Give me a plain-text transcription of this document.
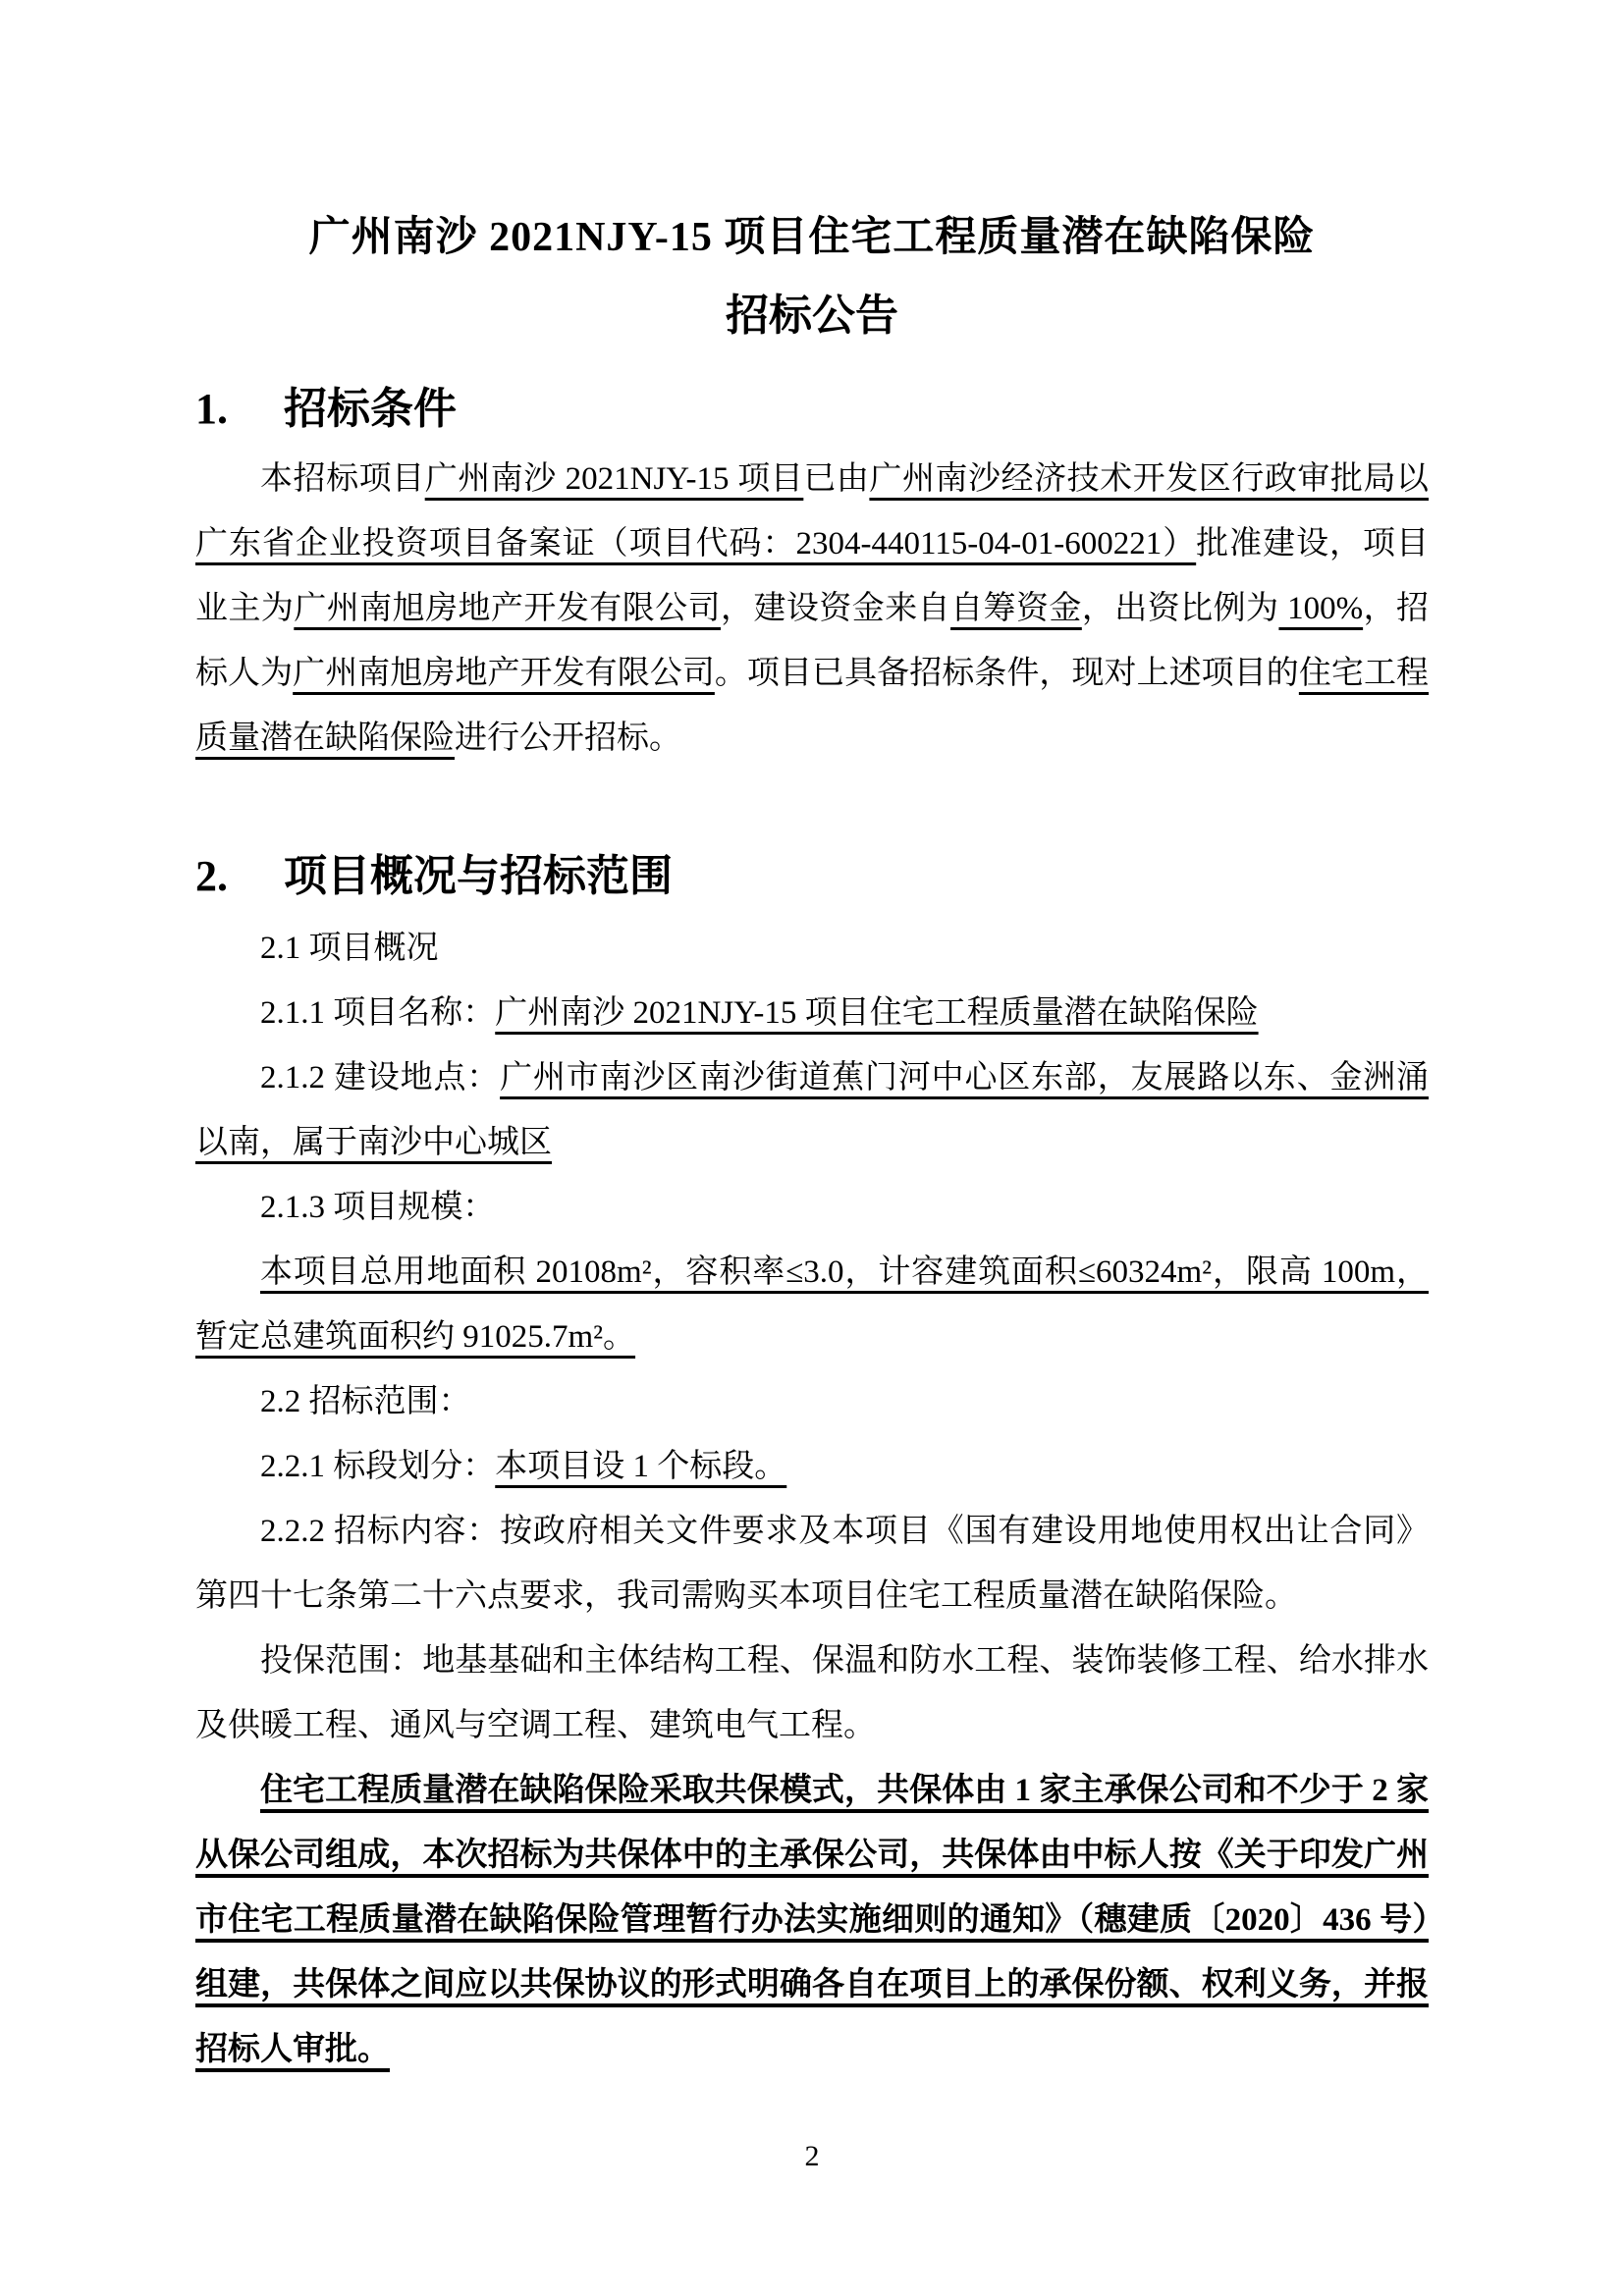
广州南沙 2021NJY-15 项目住宅工程质量潜在缺陷保险
招标公告
1. 招标条件

本招标项目广州南沙 2021NJY-15 项目已由广州南沙经济技术开发区行政审批局以广东省企业投资项目备案证（项目代码：2304-440115-04-01-600221）批准建设，项目业主为广州南旭房地产开发有限公司，建设资金来自自筹资金，出资比例为 100%，招标人为广州南旭房地产开发有限公司。项目已具备招标条件，现对上述项目的住宅工程质量潜在缺陷保险进行公开招标。

2. 项目概况与招标范围

2.1 项目概况

2.1.1 项目名称：广州南沙 2021NJY-15 项目住宅工程质量潜在缺陷保险

2.1.2 建设地点：广州市南沙区南沙街道蕉门河中心区东部，友展路以东、金洲涌以南，属于南沙中心城区

2.1.3 项目规模：

本项目总用地面积 20108m²，容积率≤3.0，计容建筑面积≤60324m²，限高 100m，暂定总建筑面积约 91025.7m²。

2.2 招标范围：

2.2.1 标段划分：本项目设 1 个标段。

2.2.2 招标内容：按政府相关文件要求及本项目《国有建设用地使用权出让合同》第四十七条第二十六点要求，我司需购买本项目住宅工程质量潜在缺陷保险。

投保范围：地基基础和主体结构工程、保温和防水工程、装饰装修工程、给水排水及供暖工程、通风与空调工程、建筑电气工程。

住宅工程质量潜在缺陷保险采取共保模式，共保体由 1 家主承保公司和不少于 2 家从保公司组成，本次招标为共保体中的主承保公司，共保体由中标人按《关于印发广州市住宅工程质量潜在缺陷保险管理暂行办法实施细则的通知》（穗建质〔2020〕436 号）组建，共保体之间应以共保协议的形式明确各自在项目上的承保份额、权利义务，并报招标人审批。

2
